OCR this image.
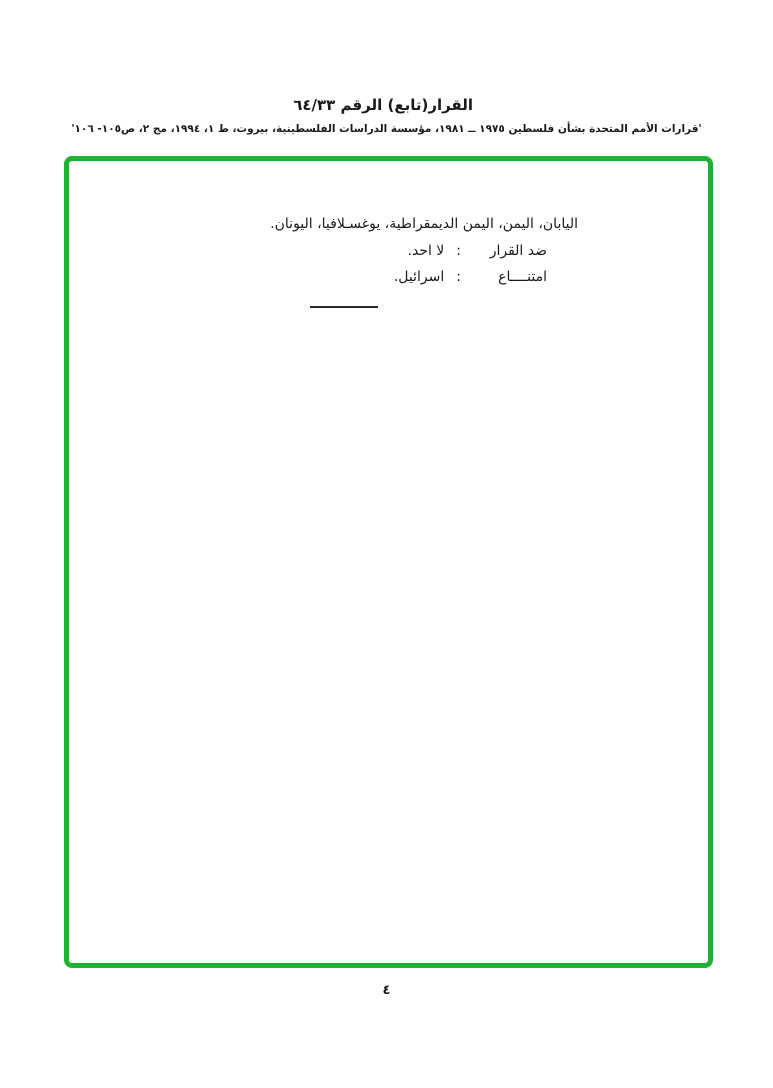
القرار(تابع) الرقم ٦٤/٣٣
'قرارات الأمم المتحدة بشأن فلسطين ١٩٧٥ ــ ١٩٨١، مؤسسة الدراسات الفلسطينية، بيروت، ط ١، ١٩٩٤، مج ٢، ص١٠٥- ١٠٦'
اليابان، اليمن، اليمن الديمقراطية، يوغسـلافيا، اليونان.
ضد القرار
:
لا احد.
امتنــــاع
:
اسرائيل.
٤
